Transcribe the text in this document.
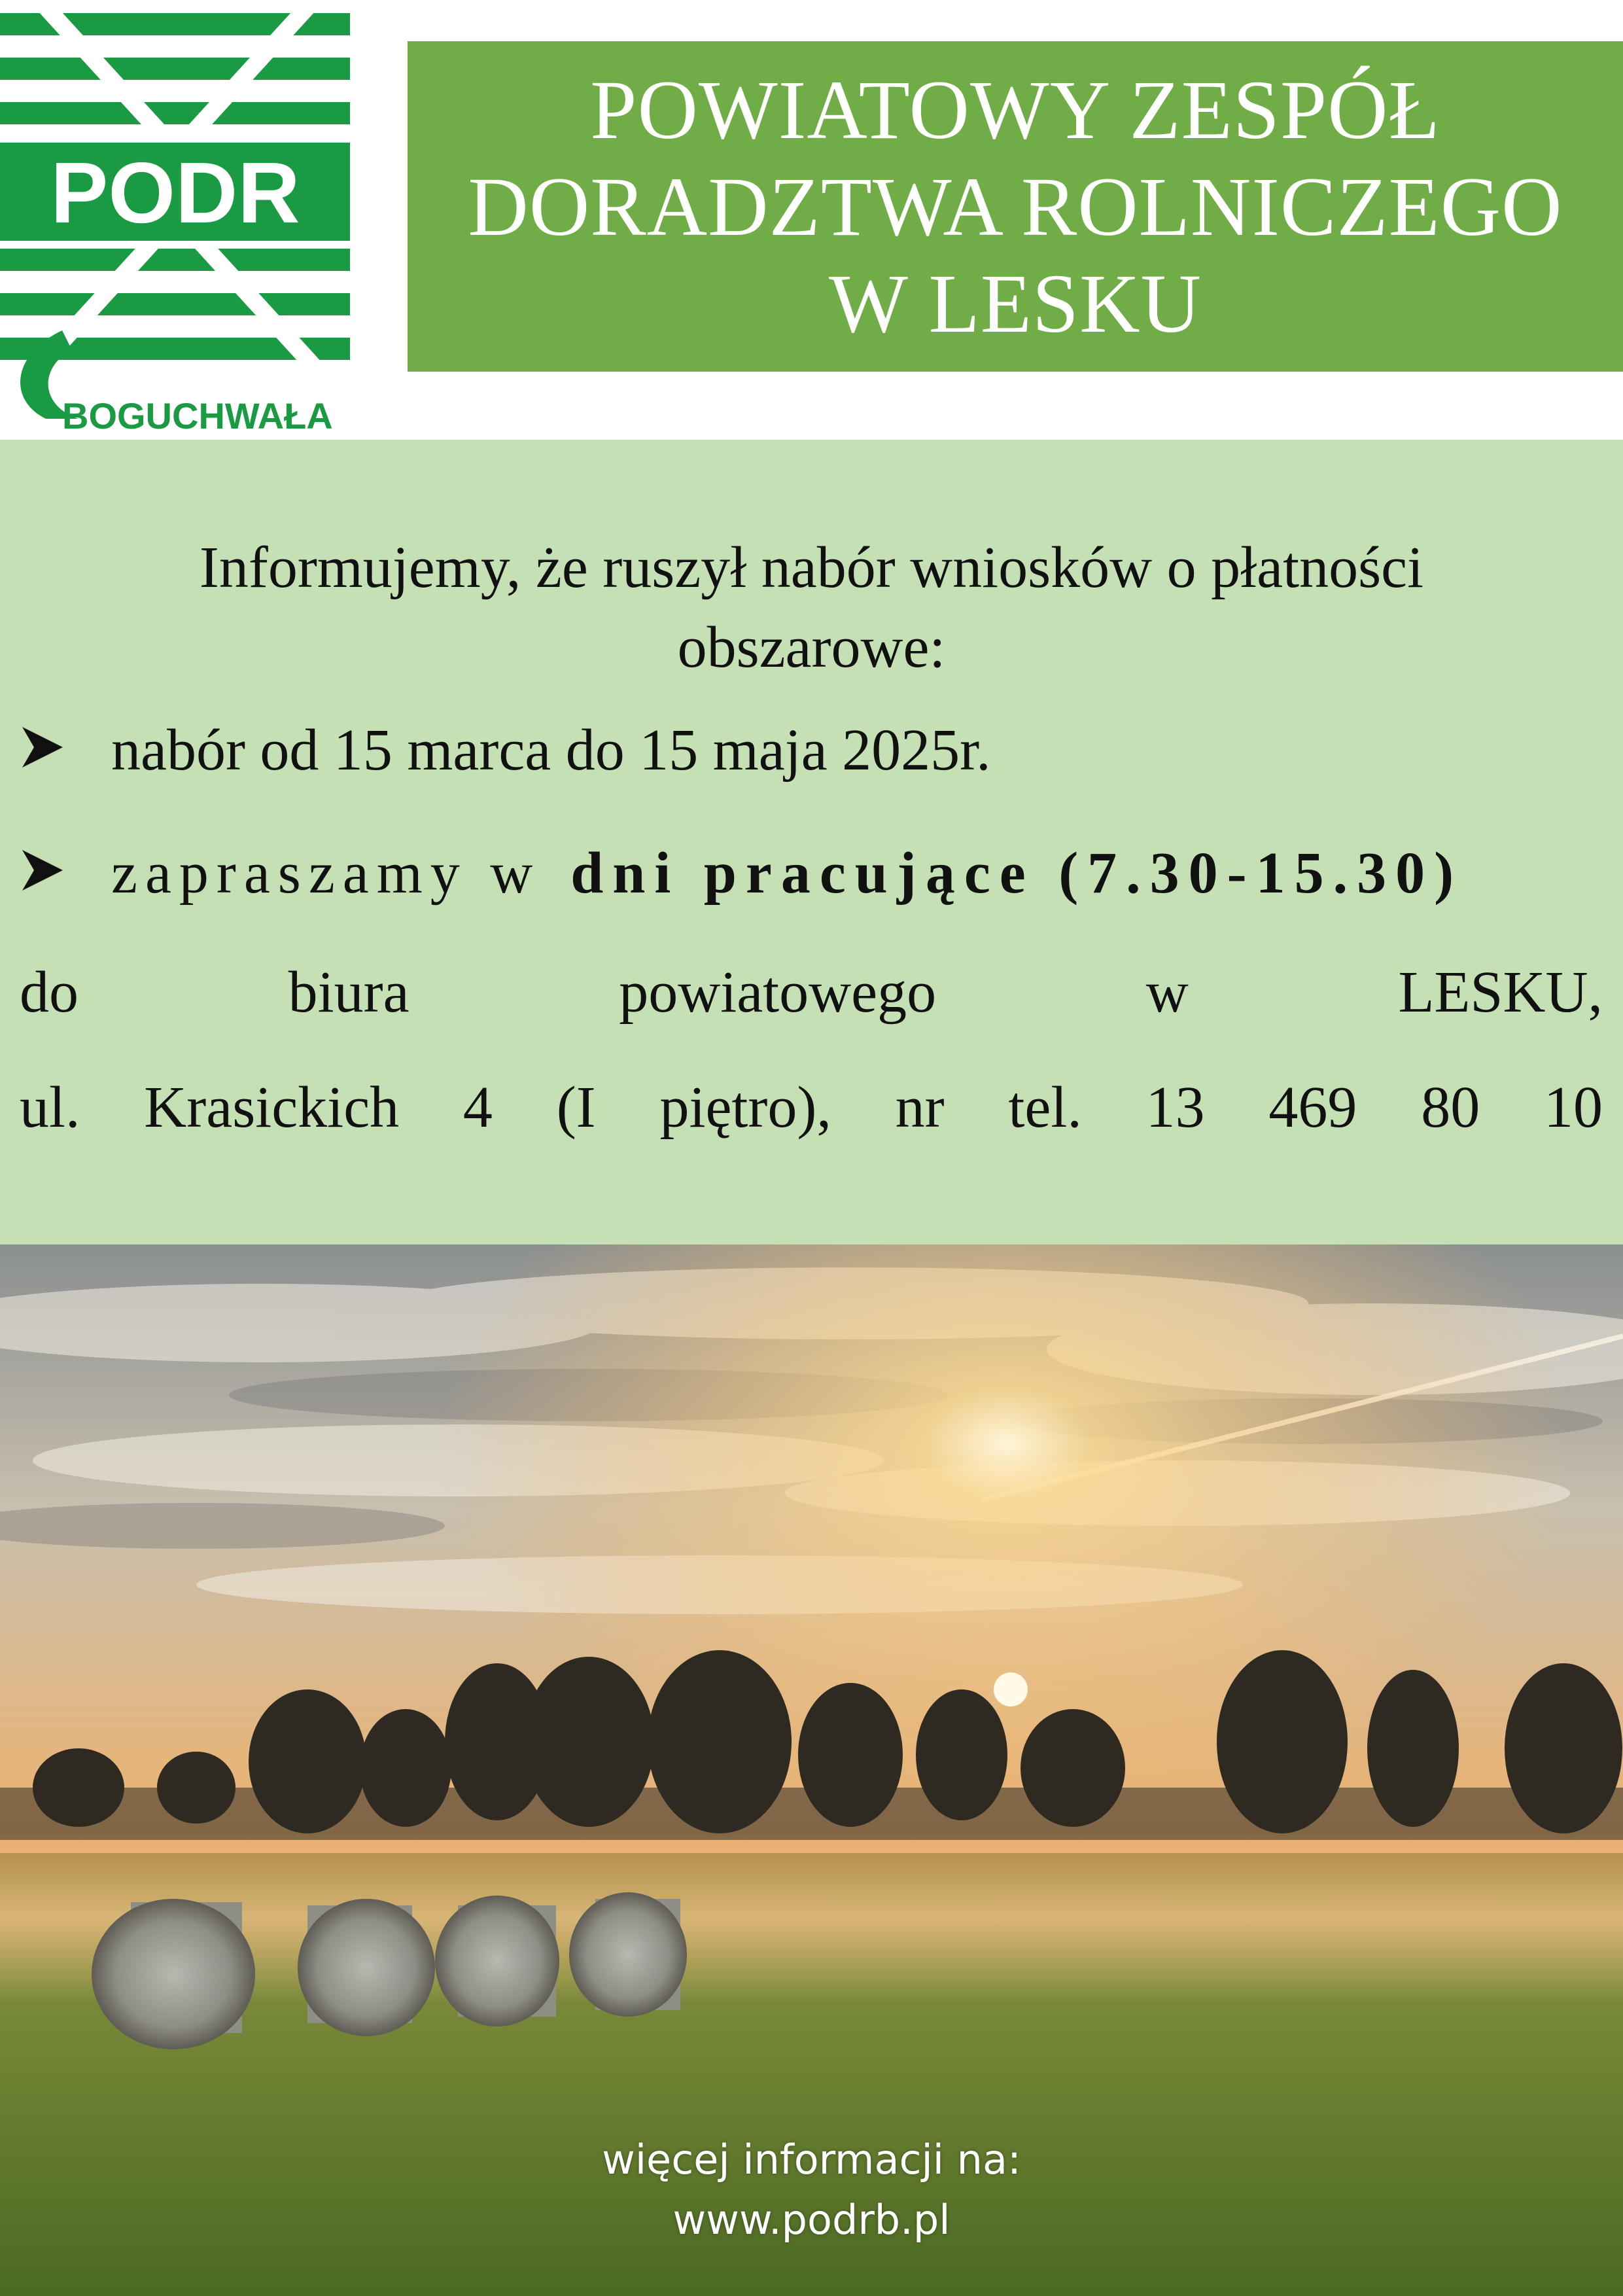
PODR
BOGUCHWAŁA
POWIATOWY ZESPÓŁ
DORADZTWA ROLNICZEGO
W LESKU
Informujemy, że ruszył nabór wniosków o płatności
obszarowe:
nabór od 15 marca do 15 maja 2025r.
zapraszamy w dni pracujące (7.30-15.30)
do	biura	powiatowego	w	LESKU,
ul. Krasickich 4 (I piętro), nr tel. 13 469 80 10
więcej informacji na:
www.podrb.pl
